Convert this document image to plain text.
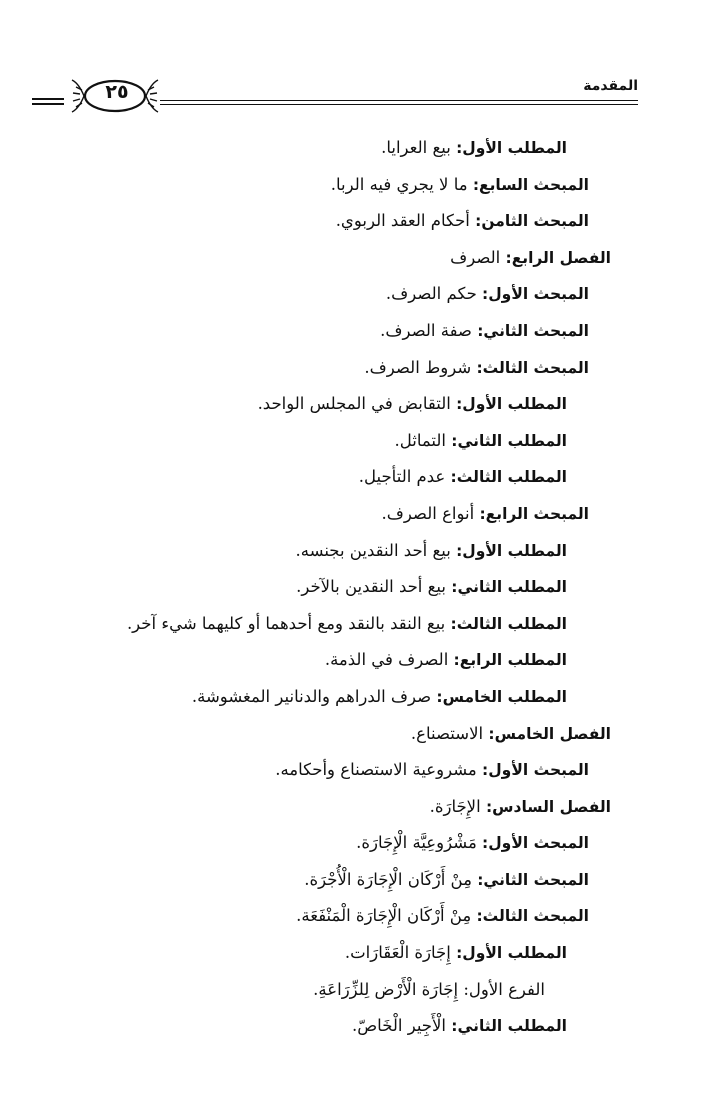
٢٥	المقدمة
المطلب الأول: بيع العرايا.
المبحث السابع: ما لا يجري فيه الربا.
المبحث الثامن: أحكام العقد الربوي.
الفصل الرابع: الصرف
المبحث الأول: حكم الصرف.
المبحث الثاني: صفة الصرف.
المبحث الثالث: شروط الصرف.
المطلب الأول: التقابض في المجلس الواحد.
المطلب الثاني: التماثل.
المطلب الثالث: عدم التأجيل.
المبحث الرابع: أنواع الصرف.
المطلب الأول: بيع أحد النقدين بجنسه.
المطلب الثاني: بيع أحد النقدين بالآخر.
المطلب الثالث: بيع النقد بالنقد ومع أحدهما أو كليهما شيء آخر.
المطلب الرابع: الصرف في الذمة.
المطلب الخامس: صرف الدراهم والدنانير المغشوشة.
الفصل الخامس: الاستصناع.
المبحث الأول: مشروعية الاستصناع وأحكامه.
الفصل السادس: الإِجَارَة.
المبحث الأول: مَشْرُوعِيَّة الْإِجَارَة.
المبحث الثاني: مِنْ أَرْكَان الْإِجَارَة الْأُجْرَة.
المبحث الثالث: مِنْ أَرْكَان الْإِجَارَة الْمَنْفَعَة.
المطلب الأول: إِجَارَة الْعَقَارَات.
الفرع الأول: إِجَارَة الْأَرْض لِلزِّرَاعَةِ.
المطلب الثاني: الْأَجِير الْخَاصّ.
